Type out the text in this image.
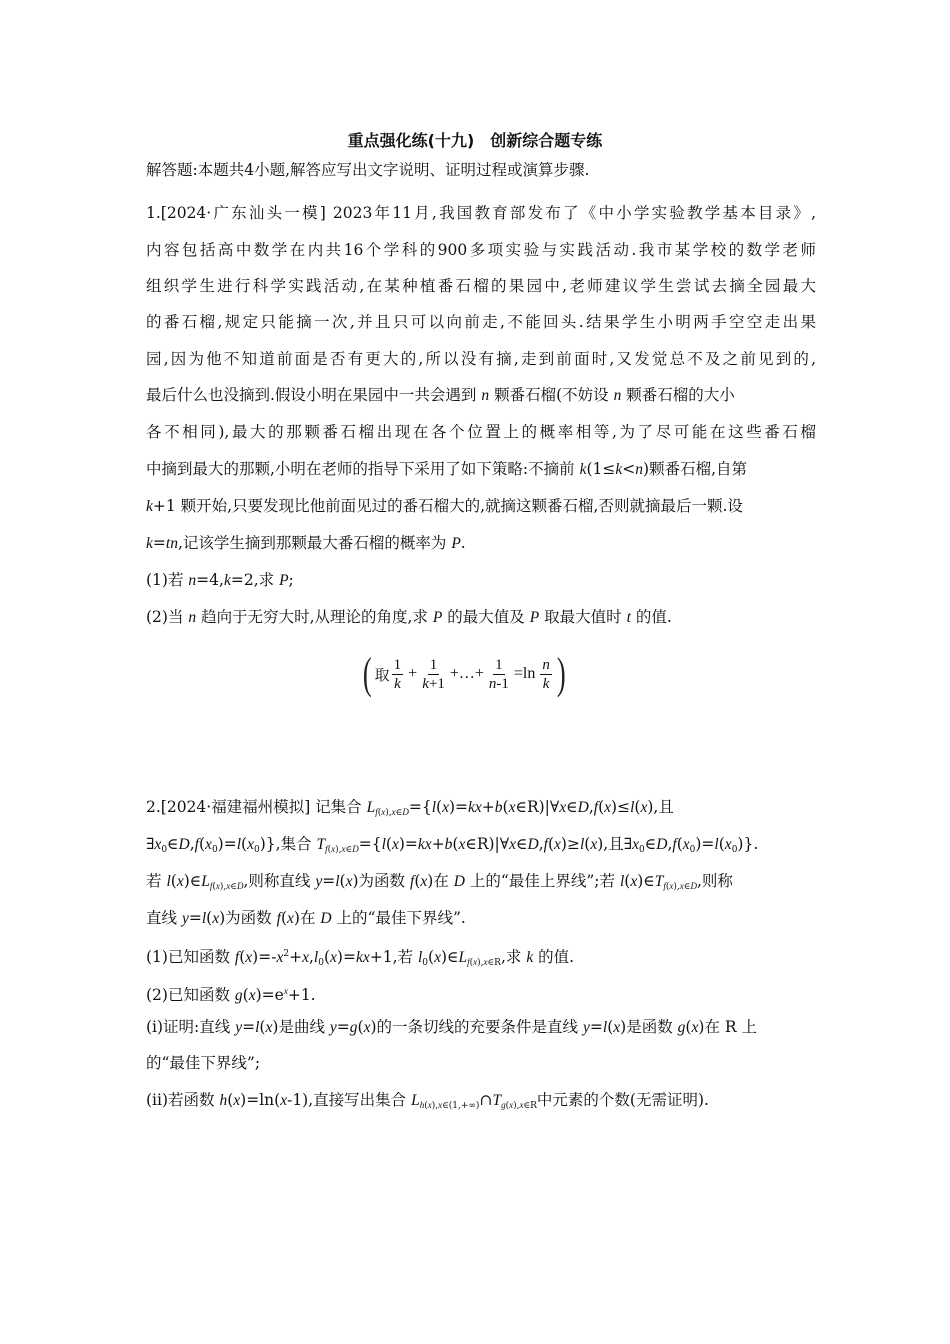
重点强化练(十九)　创新综合题专练
解答题:本题共4小题,解答应写出文字说明、证明过程或演算步骤.
1.[2024·广东汕头一模] 2023年11月,我国教育部发布了《中小学实验教学基本目录》,
内容包括高中数学在内共16个学科的900多项实验与实践活动.我市某学校的数学老师
组织学生进行科学实践活动,在某种植番石榴的果园中,老师建议学生尝试去摘全园最大
的番石榴,规定只能摘一次,并且只可以向前走,不能回头.结果学生小明两手空空走出果
园,因为他不知道前面是否有更大的,所以没有摘,走到前面时,又发觉总不及之前见到的,
最后什么也没摘到.假设小明在果园中一共会遇到 n 颗番石榴(不妨设 n 颗番石榴的大小
各不相同),最大的那颗番石榴出现在各个位置上的概率相等,为了尽可能在这些番石榴
中摘到最大的那颗,小明在老师的指导下采用了如下策略:不摘前 k(1≤k<n)颗番石榴,自第
k+1 颗开始,只要发现比他前面见过的番石榴大的,就摘这颗番石榴,否则就摘最后一颗.设
k=tn,记该学生摘到那颗最大番石榴的概率为 P.
(1)若 n=4,k=2,求 P;
(2)当 n 趋向于无穷大时,从理论的角度,求 P 的最大值及 P 取最大值时 t 的值.
( 取 $\frac{1}{k} + \frac{1}{k+1}$ +…+ $\frac{1}{n-1} =\ln \frac{n}{k}$ )
2.[2024·福建福州模拟] 记集合 $L_{f(x),x\in D}=\{l(x)=kx+b(x\in R)|\forall x\in D,f(x)\le l(x)$,且
$\exists x_0\in D,f(x_0)=l(x_0)$},集合 $T_{f(x),x\in D}=\{l(x)=kx+b(x\in R)|\forall x\in D,f(x)\ge l(x)$,且$\exists x_0\in D,f(x_0)=l(x_0)$}.
若 $l(x)\in L_{f(x),x\in D}$,则称直线 y=l(x)为函数 f(x)在 D 上的“最佳上界线”;若 $l(x)\in T_{f(x),x\in D}$,则称
直线 y=l(x)为函数 f(x)在 D 上的“最佳下界线”.
(1)已知函数 $f(x)=-x^2+x,l_0(x)=kx+1$,若 $l_0(x)\in L_{f(x),x\in R}$,求 k 的值.
(2)已知函数 $g(x)=e^x+1$.
(i)证明:直线 y=l(x)是曲线 y=g(x)的一条切线的充要条件是直线 y=l(x)是函数 g(x)在 R 上
的“最佳下界线”;
(ii)若函数 h(x)=ln(x-1),直接写出集合 $L_{h(x),x\in(1,+\infty)}\cap T_{g(x),x\in R}$中元素的个数(无需证明).
